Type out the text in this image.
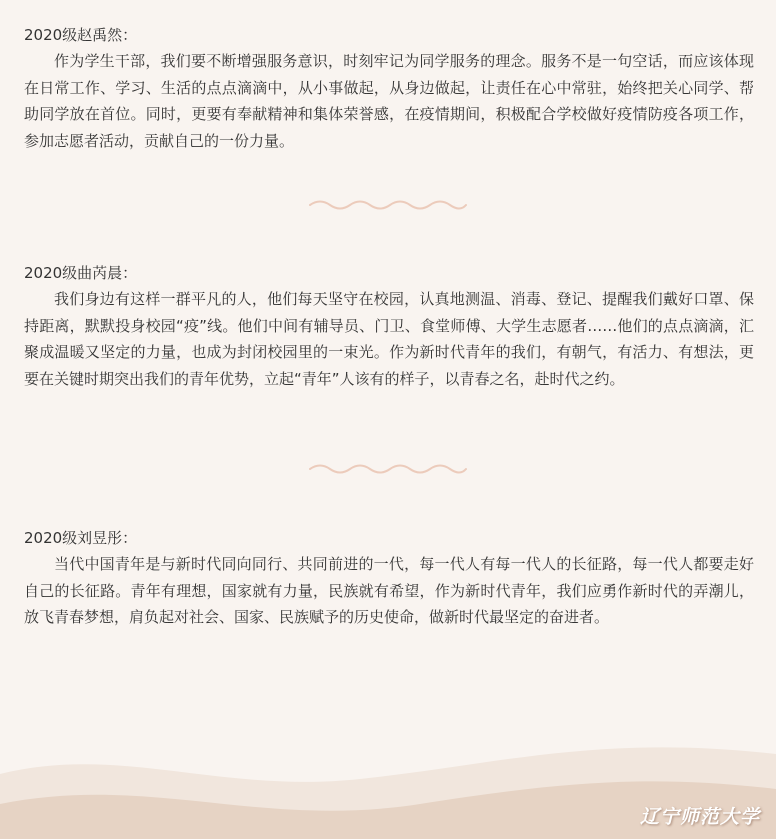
2020级赵禹然：

作为学生干部，我们要不断增强服务意识，时刻牢记为同学服务的理念。服务不是一句空话，而应该体现在日常工作、学习、生活的点点滴滴中，从小事做起，从身边做起，让责任在心中常驻，始终把关心同学、帮助同学放在首位。同时，更要有奉献精神和集体荣誉感，在疫情期间，积极配合学校做好疫情防疫各项工作，参加志愿者活动，贡献自己的一份力量。

2020级曲芮晨：

我们身边有这样一群平凡的人，他们每天坚守在校园，认真地测温、消毒、登记、提醒我们戴好口罩、保持距离，默默投身校园“疫”线。他们中间有辅导员、门卫、食堂师傅、大学生志愿者……他们的点点滴滴，汇聚成温暖又坚定的力量，也成为封闭校园里的一束光。作为新时代青年的我们，有朝气，有活力、有想法，更要在关键时期突出我们的青年优势，立起“青年”人该有的样子，以青春之名，赴时代之约。

2020级刘昱彤：

当代中国青年是与新时代同向同行、共同前进的一代，每一代人有每一代人的长征路，每一代人都要走好自己的长征路。青年有理想，国家就有力量，民族就有希望，作为新时代青年，我们应勇作新时代的弄潮儿，放飞青春梦想，肩负起对社会、国家、民族赋予的历史使命，做新时代最坚定的奋进者。

辽宁师范大学
